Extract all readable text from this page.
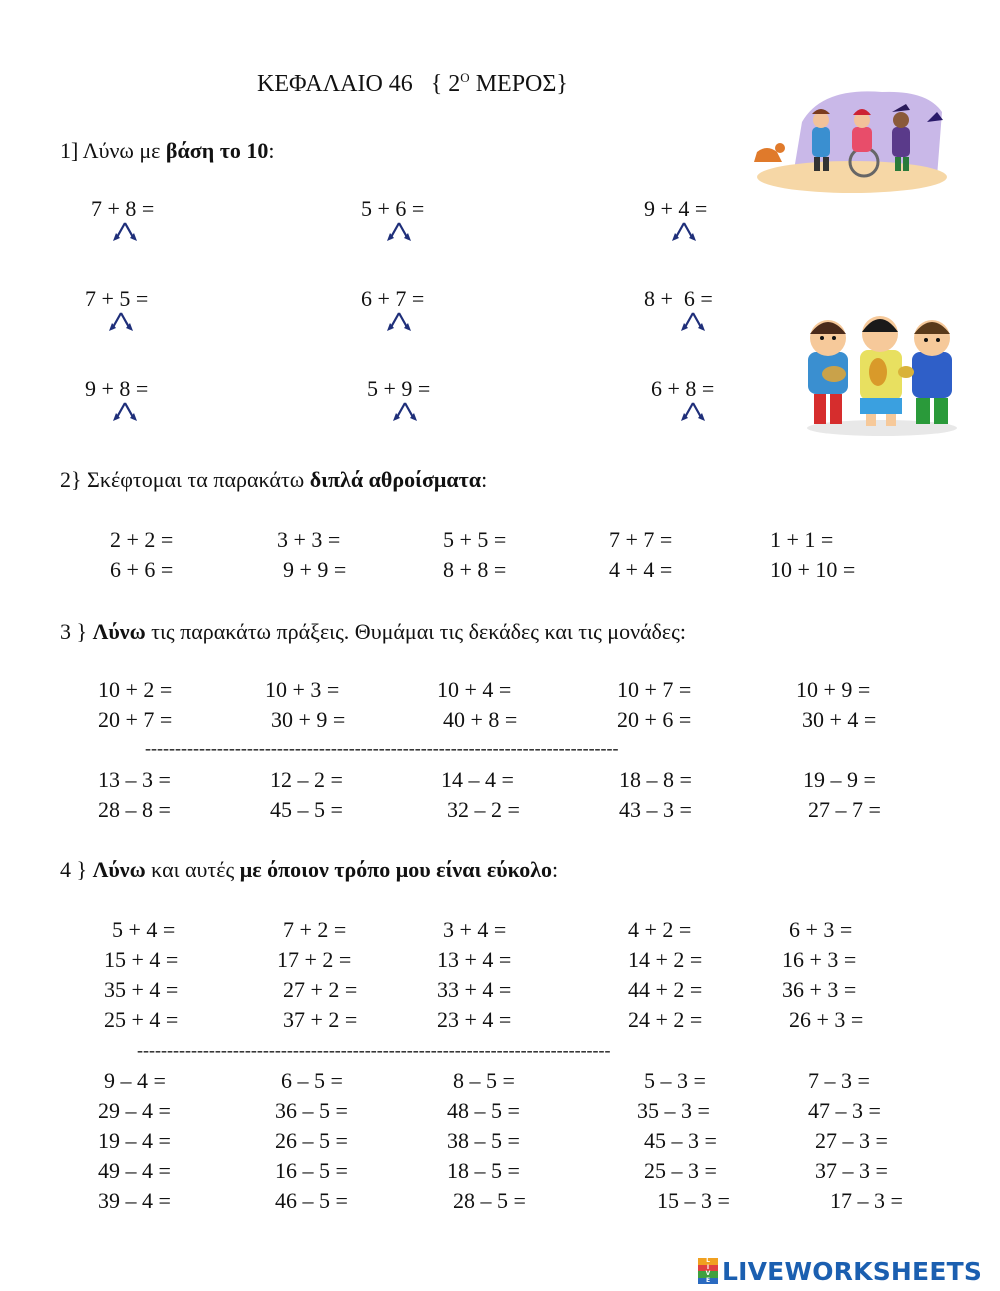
ΚΕΦΑΛΑΙΟ 46   { $2^O$ ΜΕΡΟΣ}
1] Λύνω με βάση το 10:
7 + 8 =	5 + 6 =	9 + 4 =
7 + 5 =	6 + 7 =	8 +  6 =
9 + 8 =	5 + 9 =	6 + 8 =
2} Σκέφτομαι τα παρακάτω διπλά αθροίσματα:
2 + 2 =	3 + 3 =	5 + 5 =	7 + 7 =	1 + 1 =
6 + 6 =	9 + 9 =	8 + 8 =	4 + 4 =	10 + 10 =
3 } Λύνω τις παρακάτω πράξεις. Θυμάμαι τις δεκάδες και τις μονάδες:
10 + 2 =	10 + 3 =	10 + 4 =	10 + 7 =	10 + 9 =
20 + 7 =	30 + 9 =	40 + 8 =	20 + 6 =	30 + 4 =
13 – 3 =	12 – 2 =	14 – 4 =	18 – 8 =	19 – 9 =
28 – 8 =	45 – 5 =	32 – 2 =	43 – 3 =	27 – 7 =
-------------------------------------------------------------------------------
4 } Λύνω και αυτές με όποιον τρόπο μου είναι εύκολο:
5 + 4 =	7 + 2 =	3 + 4 =	4 + 2 =	6 + 3 =
15 + 4 =	17 + 2 =	13 + 4 =	14 + 2 =	16 + 3 =
35 + 4 =	27 + 2 =	33 + 4 =	44 + 2 =	36 + 3 =
25 + 4 =	37 + 2 =	23 + 4 =	24 + 2 =	26 + 3 =
9 – 4 =	6 – 5 =	8 – 5 =	5 – 3 =	7 – 3 =
29 – 4 =	36 – 5 =	48 – 5 =	35 – 3 =	47 – 3 =
19 – 4 =	26 – 5 =	38 – 5 =	45 – 3 =	27 – 3 =
49 – 4 =	16 – 5 =	18 – 5 =	25 – 3 =	37 – 3 =
39 – 4 =	46 – 5 =	28 – 5 =	15 – 3 =	17 – 3 =
-------------------------------------------------------------------------------
L
I
V
E LIVEWORKSHEETS
